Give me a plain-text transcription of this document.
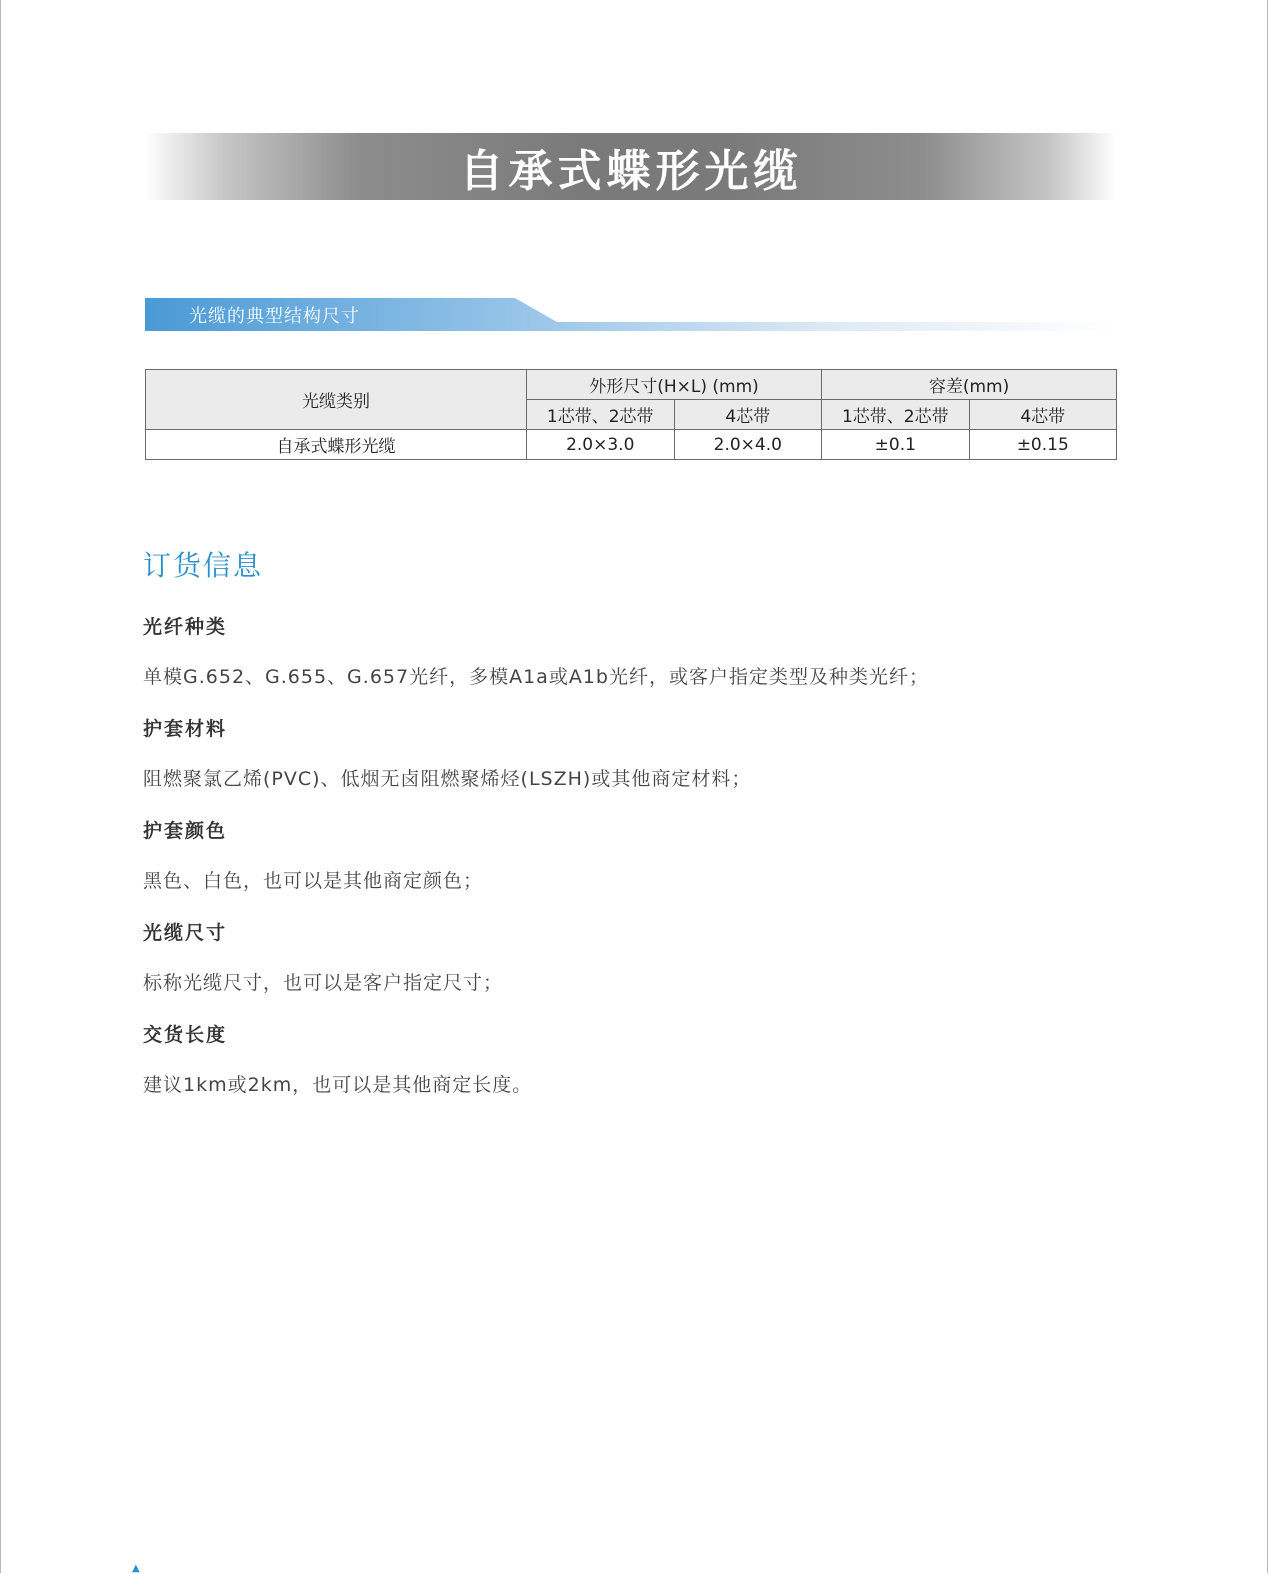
自承式蝶形光缆
光缆的典型结构尺寸
光缆类别	外形尺寸(H×L) (mm)		容差(mm)	
	1芯带、2芯带	4芯带	1芯带、2芯带	4芯带
自承式蝶形光缆	2.0×3.0	2.0×4.0	±0.1	±0.15
订货信息
光纤种类
单模G.652、G.655、G.657光纤，多模A1a或A1b光纤，或客户指定类型及种类光纤；
护套材料
阻燃聚氯乙烯(PVC)、低烟无卤阻燃聚烯烃(LSZH)或其他商定材料；
护套颜色
黑色、白色，也可以是其他商定颜色；
光缆尺寸
标称光缆尺寸，也可以是客户指定尺寸；
交货长度
建议1km或2km，也可以是其他商定长度。
▲
